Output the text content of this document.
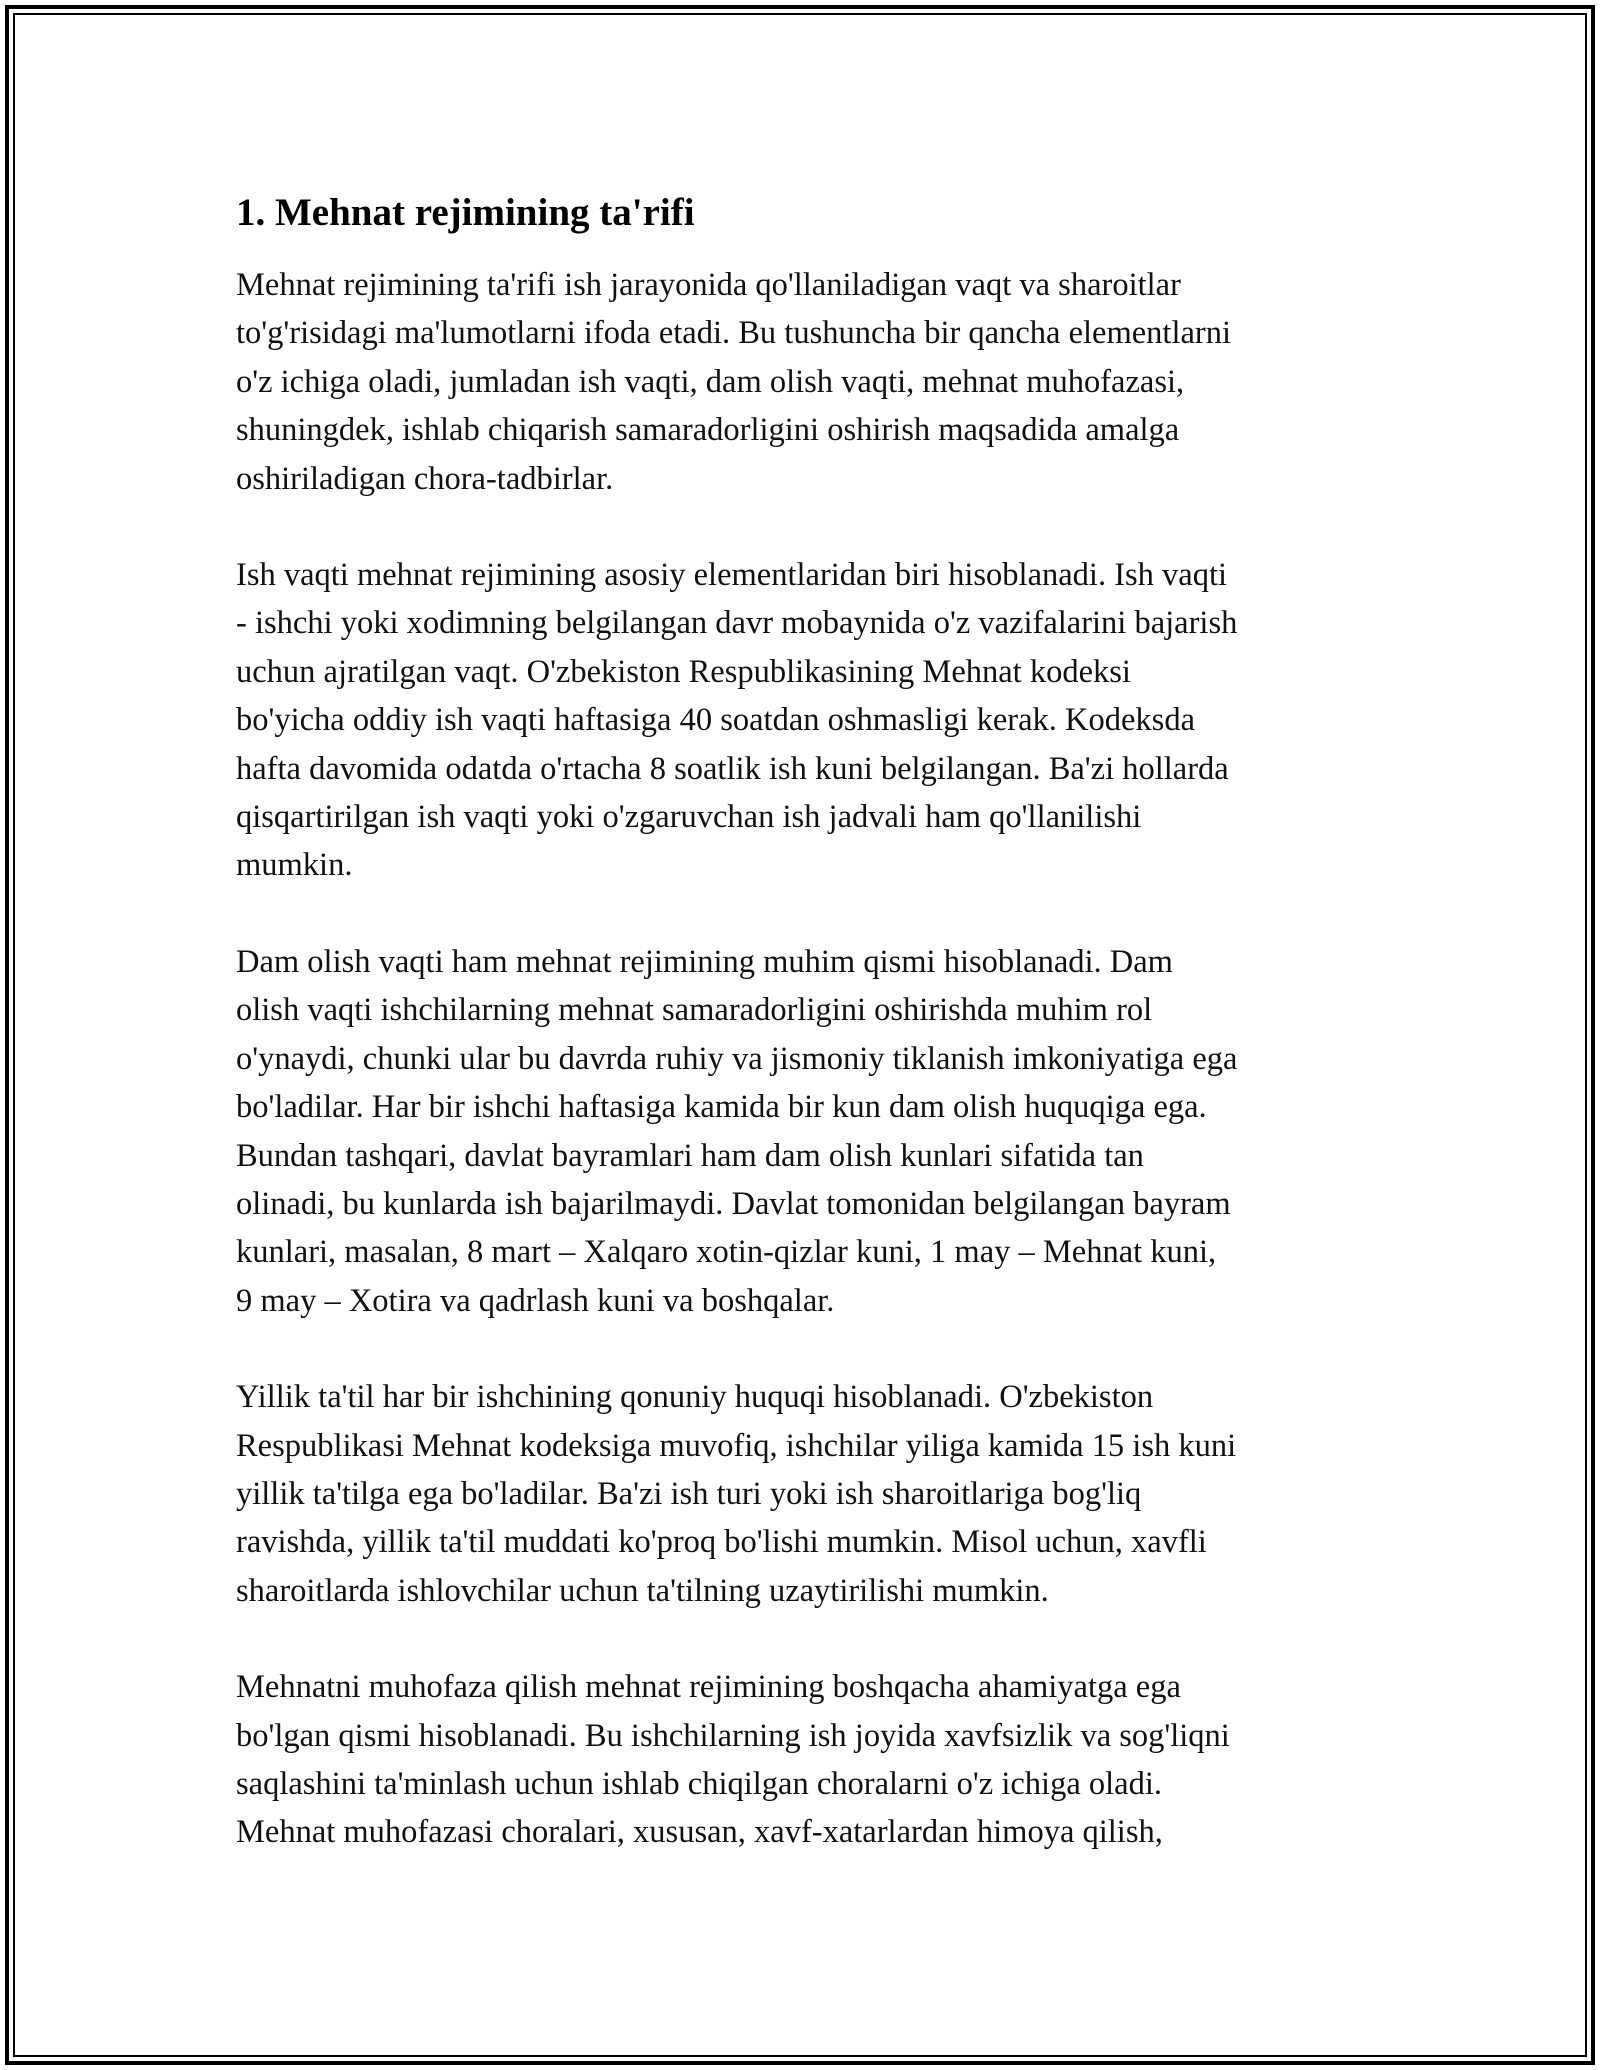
1. Mehnat rejimining ta'rifi

Mehnat rejimining ta'rifi ish jarayonida qo'llaniladigan vaqt va sharoitlar
to'g'risidagi ma'lumotlarni ifoda etadi. Bu tushuncha bir qancha elementlarni
o'z ichiga oladi, jumladan ish vaqti, dam olish vaqti, mehnat muhofazasi,
shuningdek, ishlab chiqarish samaradorligini oshirish maqsadida amalga
oshiriladigan chora-tadbirlar.

Ish vaqti mehnat rejimining asosiy elementlaridan biri hisoblanadi. Ish vaqti
- ishchi yoki xodimning belgilangan davr mobaynida o'z vazifalarini bajarish
uchun ajratilgan vaqt. O'zbekiston Respublikasining Mehnat kodeksi
bo'yicha oddiy ish vaqti haftasiga 40 soatdan oshmasligi kerak. Kodeksda
hafta davomida odatda o'rtacha 8 soatlik ish kuni belgilangan. Ba'zi hollarda
qisqartirilgan ish vaqti yoki o'zgaruvchan ish jadvali ham qo'llanilishi
mumkin.

Dam olish vaqti ham mehnat rejimining muhim qismi hisoblanadi. Dam
olish vaqti ishchilarning mehnat samaradorligini oshirishda muhim rol
o'ynaydi, chunki ular bu davrda ruhiy va jismoniy tiklanish imkoniyatiga ega
bo'ladilar. Har bir ishchi haftasiga kamida bir kun dam olish huquqiga ega.
Bundan tashqari, davlat bayramlari ham dam olish kunlari sifatida tan
olinadi, bu kunlarda ish bajarilmaydi. Davlat tomonidan belgilangan bayram
kunlari, masalan, 8 mart – Xalqaro xotin-qizlar kuni, 1 may – Mehnat kuni,
9 may – Xotira va qadrlash kuni va boshqalar.

Yillik ta'til har bir ishchining qonuniy huquqi hisoblanadi. O'zbekiston
Respublikasi Mehnat kodeksiga muvofiq, ishchilar yiliga kamida 15 ish kuni
yillik ta'tilga ega bo'ladilar. Ba'zi ish turi yoki ish sharoitlariga bog'liq
ravishda, yillik ta'til muddati ko'proq bo'lishi mumkin. Misol uchun, xavfli
sharoitlarda ishlovchilar uchun ta'tilning uzaytirilishi mumkin.

Mehnatni muhofaza qilish mehnat rejimining boshqacha ahamiyatga ega
bo'lgan qismi hisoblanadi. Bu ishchilarning ish joyida xavfsizlik va sog'liqni
saqlashini ta'minlash uchun ishlab chiqilgan choralarni o'z ichiga oladi.
Mehnat muhofazasi choralari, xususan, xavf-xatarlardan himoya qilish,
